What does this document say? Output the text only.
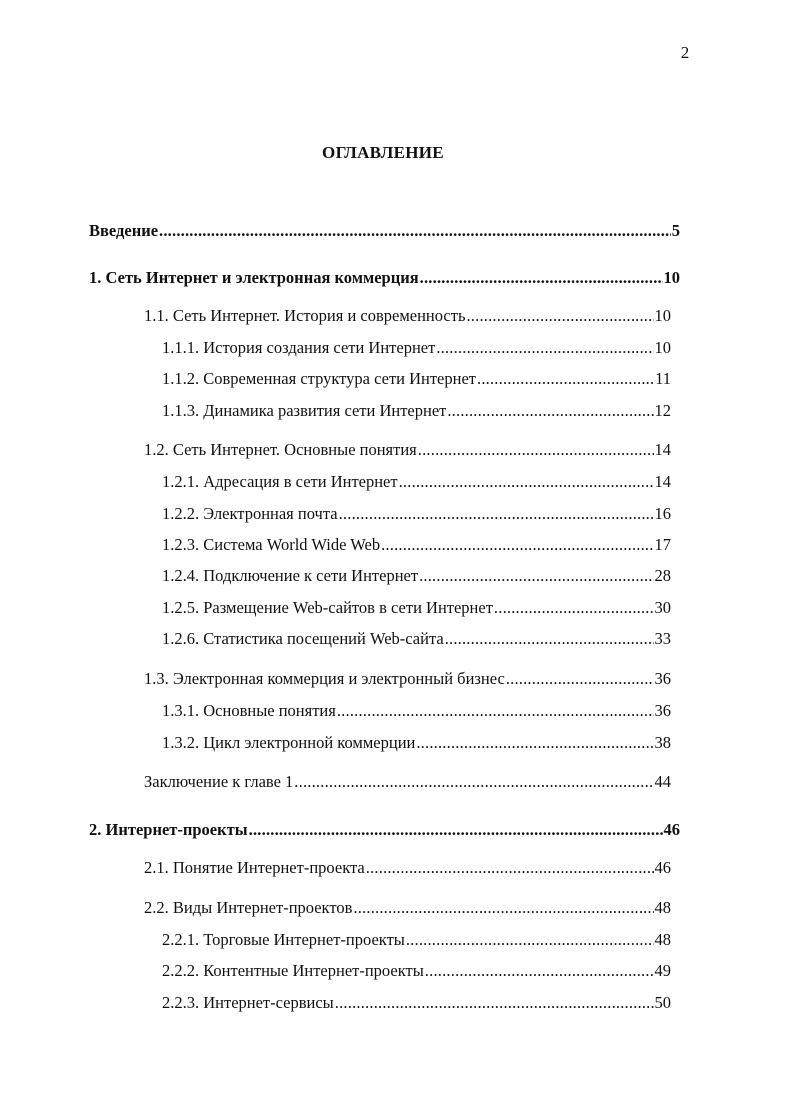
2
ОГЛАВЛЕНИЕ
Введение .....	5
1. Сеть Интернет и электронная коммерция .....	10
1.1. Сеть Интернет. История и современность .....	10
1.1.1. История создания сети Интернет .....	10
1.1.2. Современная структура сети Интернет .....	11
1.1.3. Динамика развития сети Интернет .....	12
1.2. Сеть Интернет. Основные понятия .....	14
1.2.1. Адресация в сети Интернет .....	14
1.2.2. Электронная почта .....	16
1.2.3. Система World Wide Web .....	17
1.2.4. Подключение к сети Интернет .....	28
1.2.5. Размещение Web-сайтов в сети Интернет .....	30
1.2.6. Статистика посещений Web-сайта .....	33
1.3. Электронная коммерция и электронный бизнес .....	36
1.3.1. Основные понятия .....	36
1.3.2. Цикл электронной коммерции .....	38
Заключение к главе 1 .....	44
2. Интернет-проекты .....	46
2.1. Понятие Интернет-проекта .....	46
2.2. Виды Интернет-проектов .....	48
2.2.1. Торговые Интернет-проекты .....	48
2.2.2. Контентные Интернет-проекты .....	49
2.2.3. Интернет-сервисы .....	50
